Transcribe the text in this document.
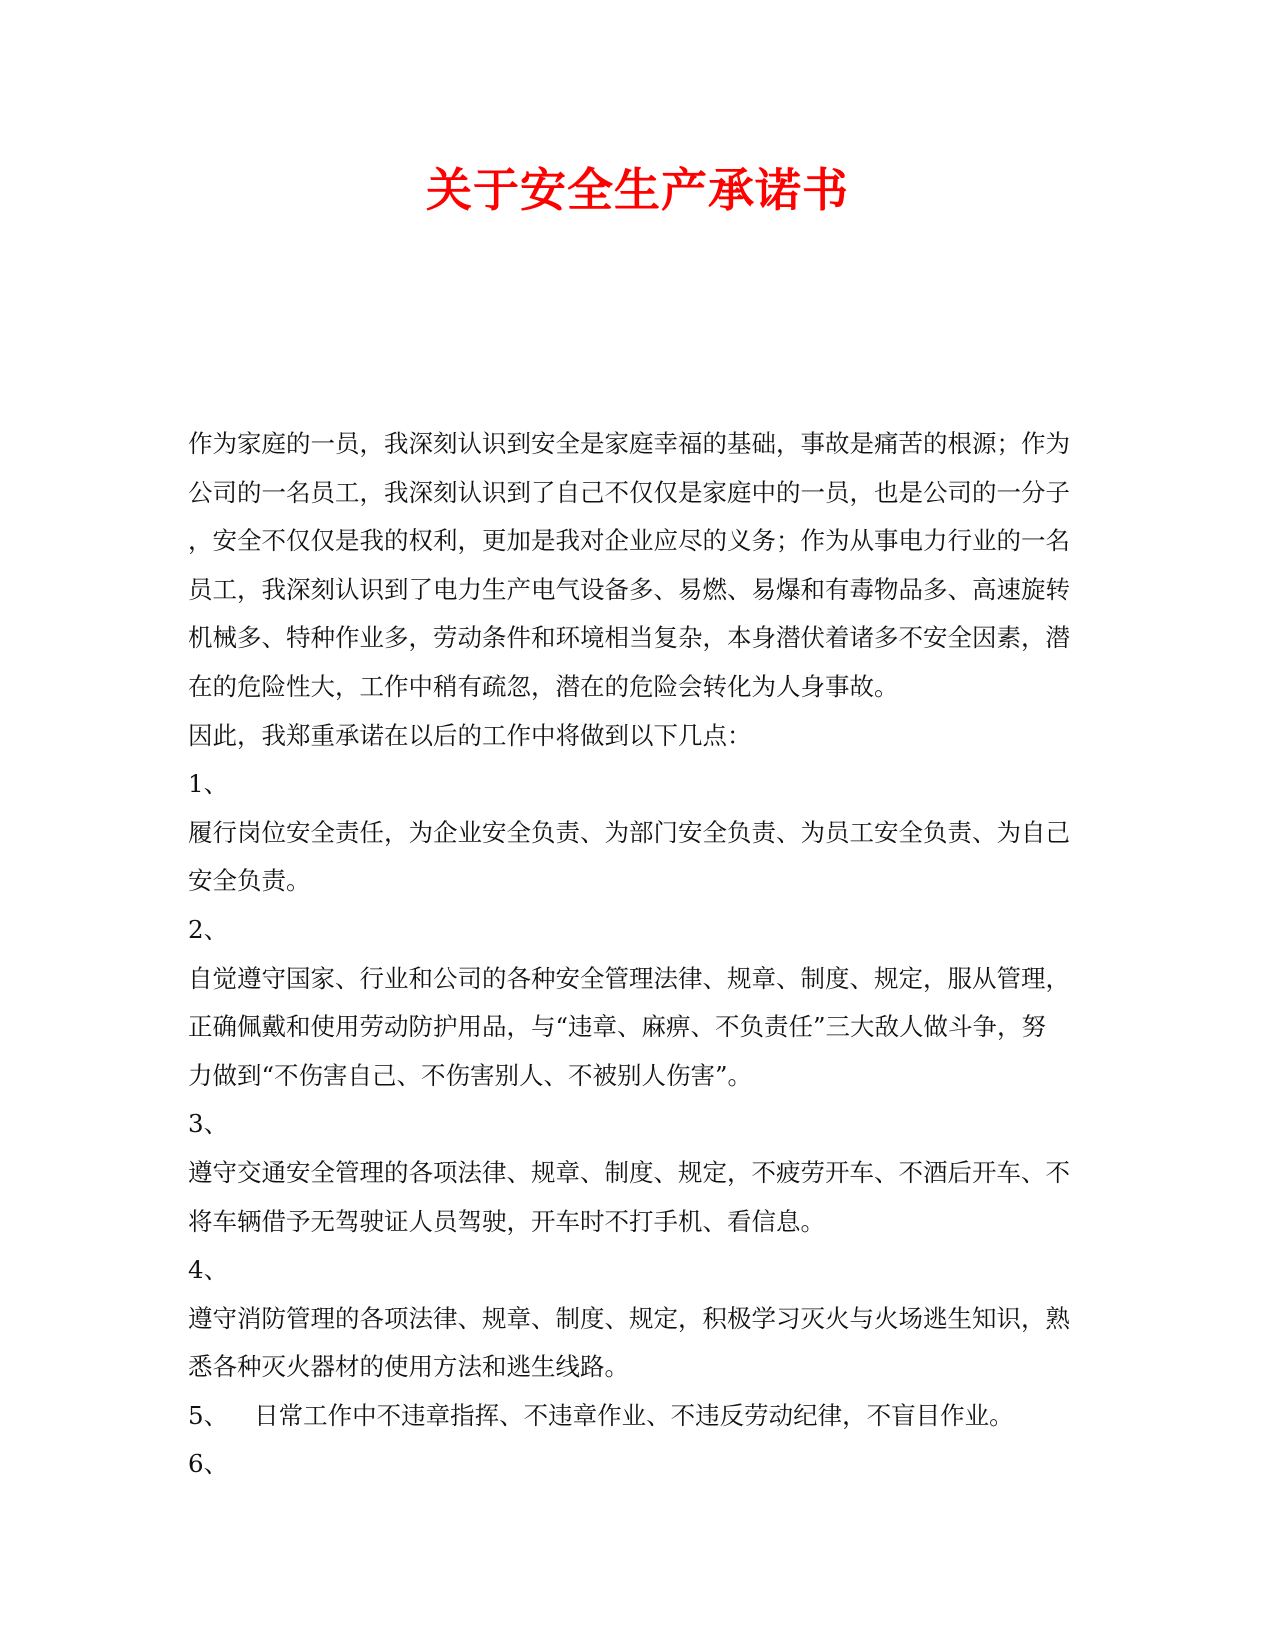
关于安全生产承诺书
作为家庭的一员，我深刻认识到安全是家庭幸福的基础，事故是痛苦的根源；作为
公司的一名员工，我深刻认识到了自己不仅仅是家庭中的一员，也是公司的一分子
，安全不仅仅是我的权利，更加是我对企业应尽的义务；作为从事电力行业的一名
员工，我深刻认识到了电力生产电气设备多、易燃、易爆和有毒物品多、高速旋转
机械多、特种作业多，劳动条件和环境相当复杂，本身潜伏着诸多不安全因素，潜
在的危险性大，工作中稍有疏忽，潜在的危险会转化为人身事故。
因此，我郑重承诺在以后的工作中将做到以下几点：
1、
履行岗位安全责任，为企业安全负责、为部门安全负责、为员工安全负责、为自己
安全负责。
2、
自觉遵守国家、行业和公司的各种安全管理法律、规章、制度、规定，服从管理，
正确佩戴和使用劳动防护用品，与“违章、麻痹、不负责任”三大敌人做斗争，努
力做到“不伤害自己、不伤害别人、不被别人伤害”。
3、
遵守交通安全管理的各项法律、规章、制度、规定，不疲劳开车、不酒后开车、不
将车辆借予无驾驶证人员驾驶，开车时不打手机、看信息。
4、
遵守消防管理的各项法律、规章、制度、规定，积极学习灭火与火场逃生知识，熟
悉各种灭火器材的使用方法和逃生线路。
5、 日常工作中不违章指挥、不违章作业、不违反劳动纪律，不盲目作业。
6、
